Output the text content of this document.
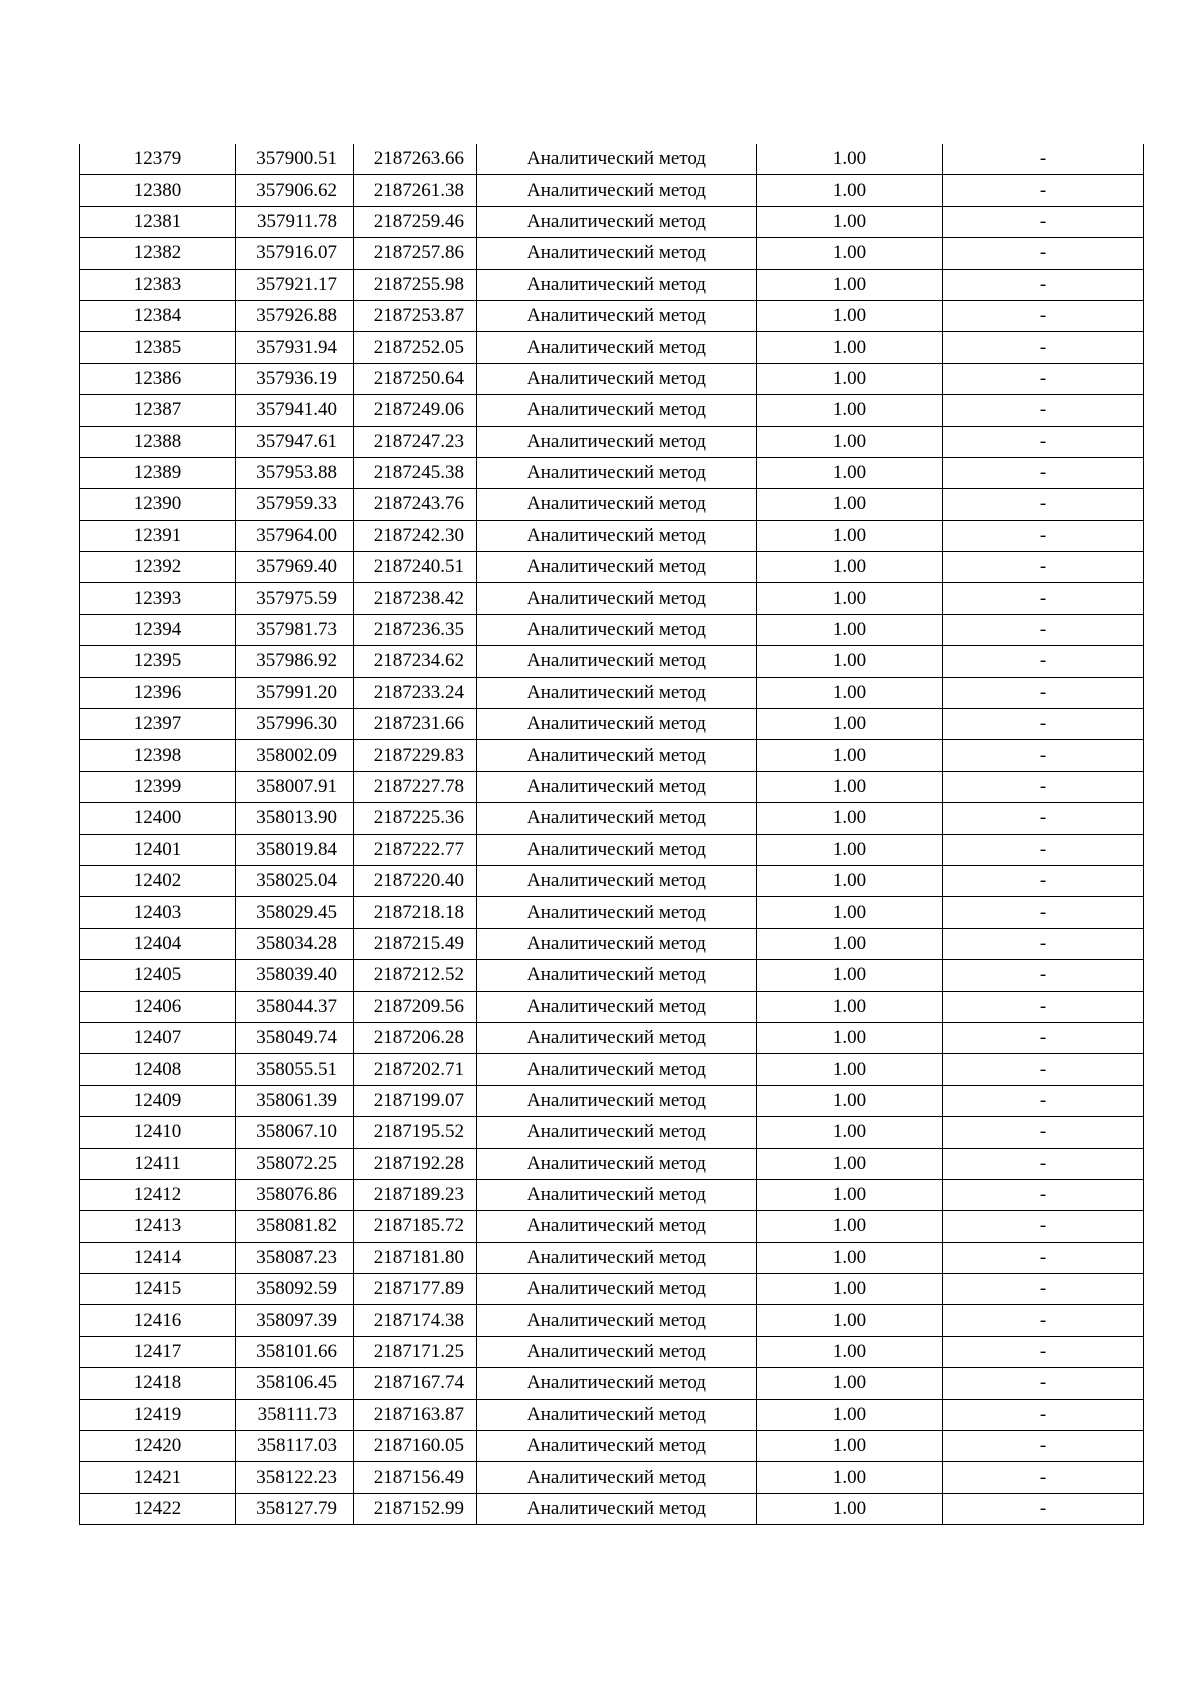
12379	357900.51	2187263.66	Аналитический метод	1.00	-
12380	357906.62	2187261.38	Аналитический метод	1.00	-
12381	357911.78	2187259.46	Аналитический метод	1.00	-
12382	357916.07	2187257.86	Аналитический метод	1.00	-
12383	357921.17	2187255.98	Аналитический метод	1.00	-
12384	357926.88	2187253.87	Аналитический метод	1.00	-
12385	357931.94	2187252.05	Аналитический метод	1.00	-
12386	357936.19	2187250.64	Аналитический метод	1.00	-
12387	357941.40	2187249.06	Аналитический метод	1.00	-
12388	357947.61	2187247.23	Аналитический метод	1.00	-
12389	357953.88	2187245.38	Аналитический метод	1.00	-
12390	357959.33	2187243.76	Аналитический метод	1.00	-
12391	357964.00	2187242.30	Аналитический метод	1.00	-
12392	357969.40	2187240.51	Аналитический метод	1.00	-
12393	357975.59	2187238.42	Аналитический метод	1.00	-
12394	357981.73	2187236.35	Аналитический метод	1.00	-
12395	357986.92	2187234.62	Аналитический метод	1.00	-
12396	357991.20	2187233.24	Аналитический метод	1.00	-
12397	357996.30	2187231.66	Аналитический метод	1.00	-
12398	358002.09	2187229.83	Аналитический метод	1.00	-
12399	358007.91	2187227.78	Аналитический метод	1.00	-
12400	358013.90	2187225.36	Аналитический метод	1.00	-
12401	358019.84	2187222.77	Аналитический метод	1.00	-
12402	358025.04	2187220.40	Аналитический метод	1.00	-
12403	358029.45	2187218.18	Аналитический метод	1.00	-
12404	358034.28	2187215.49	Аналитический метод	1.00	-
12405	358039.40	2187212.52	Аналитический метод	1.00	-
12406	358044.37	2187209.56	Аналитический метод	1.00	-
12407	358049.74	2187206.28	Аналитический метод	1.00	-
12408	358055.51	2187202.71	Аналитический метод	1.00	-
12409	358061.39	2187199.07	Аналитический метод	1.00	-
12410	358067.10	2187195.52	Аналитический метод	1.00	-
12411	358072.25	2187192.28	Аналитический метод	1.00	-
12412	358076.86	2187189.23	Аналитический метод	1.00	-
12413	358081.82	2187185.72	Аналитический метод	1.00	-
12414	358087.23	2187181.80	Аналитический метод	1.00	-
12415	358092.59	2187177.89	Аналитический метод	1.00	-
12416	358097.39	2187174.38	Аналитический метод	1.00	-
12417	358101.66	2187171.25	Аналитический метод	1.00	-
12418	358106.45	2187167.74	Аналитический метод	1.00	-
12419	358111.73	2187163.87	Аналитический метод	1.00	-
12420	358117.03	2187160.05	Аналитический метод	1.00	-
12421	358122.23	2187156.49	Аналитический метод	1.00	-
12422	358127.79	2187152.99	Аналитический метод	1.00	-
